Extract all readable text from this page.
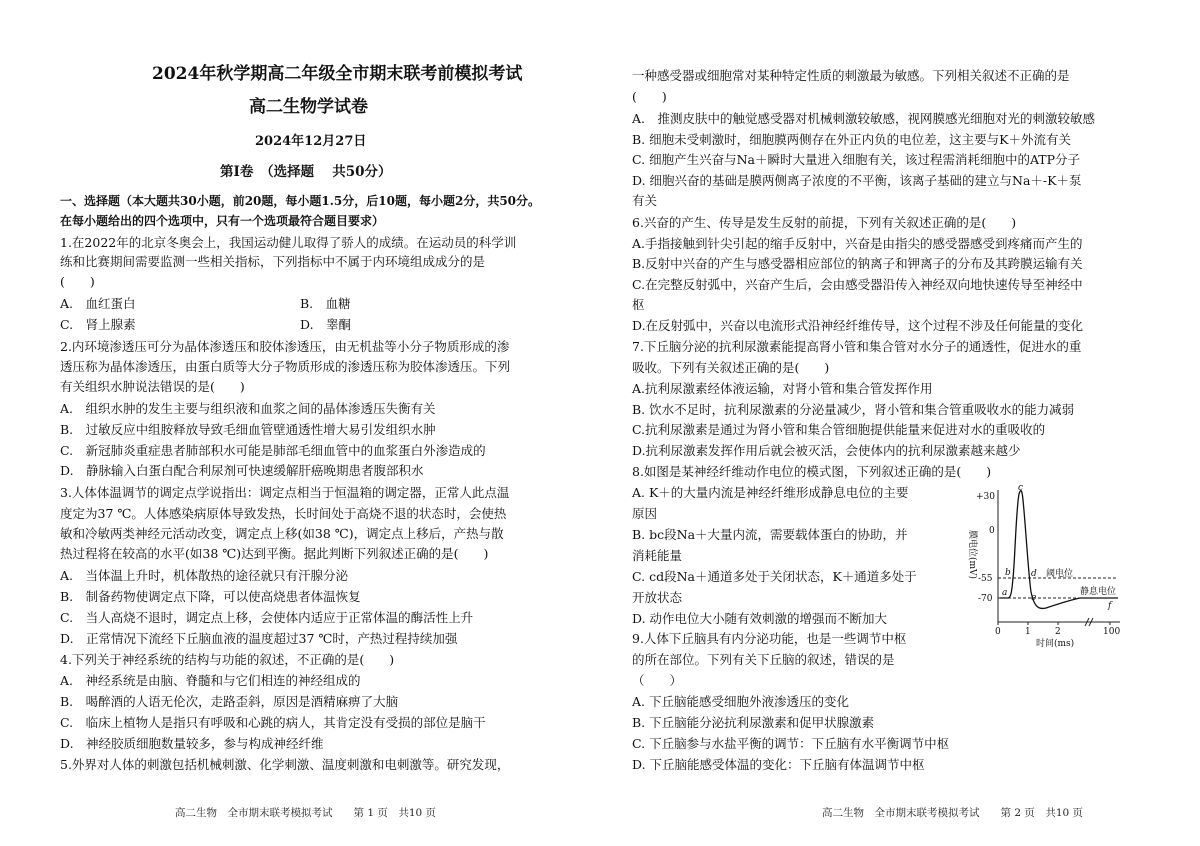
2024年秋学期高二年级全市期末联考前模拟考试
高二生物学试卷
2024年12月27日
第Ⅰ卷　（选择题　 共50分）
一、选择题（本大题共30小题，前20题，每小题1.5分，后10题，每小题2分，共50分。
在每小题给出的四个选项中，只有一个选项最符合题目要求）
1.在2022年的北京冬奥会上，我国运动健儿取得了骄人的成绩。在运动员的科学训
练和比赛期间需要监测一些相关指标，下列指标中不属于内环境组成成分的是
(　　)
A.　血红蛋白	B.　血糖
C.　肾上腺素	D.　睾酮
2.内环境渗透压可分为晶体渗透压和胶体渗透压，由无机盐等小分子物质形成的渗
透压称为晶体渗透压，由蛋白质等大分子物质形成的渗透压称为胶体渗透压。下列
有关组织水肿说法错误的是(　　)
A.　组织水肿的发生主要与组织液和血浆之间的晶体渗透压失衡有关
B.　过敏反应中组胺释放导致毛细血管壁通透性增大易引发组织水肿
C.　新冠肺炎重症患者肺部积水可能是肺部毛细血管中的血浆蛋白外渗造成的
D.　静脉输入白蛋白配合利尿剂可快速缓解肝癌晚期患者腹部积水
3.人体体温调节的调定点学说指出：调定点相当于恒温箱的调定器，正常人此点温
度定为37 ℃。人体感染病原体导致发热，长时间处于高烧不退的状态时，会使热
敏和冷敏两类神经元活动改变，调定点上移(如38 ℃)，调定点上移后，产热与散
热过程将在较高的水平(如38 ℃)达到平衡。据此判断下列叙述正确的是(　　)
A.　当体温上升时，机体散热的途径就只有汗腺分泌
B.　制备药物使调定点下降，可以使高烧患者体温恢复
C.　当人高烧不退时，调定点上移，会使体内适应于正常体温的酶活性上升
D.　正常情况下流经下丘脑血液的温度超过37 ℃时，产热过程持续加强
4.下列关于神经系统的结构与功能的叙述，不正确的是(　　)
A.　神经系统是由脑、脊髓和与它们相连的神经组成的
B.　喝醉酒的人语无伦次，走路歪斜，原因是酒精麻痹了大脑
C.　临床上植物人是指只有呼吸和心跳的病人，其肯定没有受损的部位是脑干
D.　神经胶质细胞数量较多，参与构成神经纤维
5.外界对人体的刺激包括机械刺激、化学刺激、温度刺激和电刺激等。研究发现，
高二生物　全市期末联考模拟考试　　第 1 页　共10 页
一种感受器或细胞常对某种特定性质的刺激最为敏感。下列相关叙述不正确的是
(　　)
A.　推测皮肤中的触觉感受器对机械刺激较敏感，视网膜感光细胞对光的刺激较敏感
B. 细胞未受刺激时，细胞膜两侧存在外正内负的电位差，这主要与K＋外流有关
C. 细胞产生兴奋与Na＋瞬时大量进入细胞有关，该过程需消耗细胞中的ATP分子
D. 细胞兴奋的基础是膜两侧离子浓度的不平衡，该离子基础的建立与Na＋-K＋泵
有关
6.兴奋的产生、传导是发生反射的前提，下列有关叙述正确的是(　　)
A.手指接触到针尖引起的缩手反射中，兴奋是由指尖的感受器感受到疼痛而产生的
B.反射中兴奋的产生与感受器相应部位的钠离子和钾离子的分布及其跨膜运输有关
C.在完整反射弧中，兴奋产生后，会由感受器沿传入神经双向地快速传导至神经中
枢
D.在反射弧中，兴奋以电流形式沿神经纤维传导，这个过程不涉及任何能量的变化
7.下丘脑分泌的抗利尿激素能提高肾小管和集合管对水分子的通透性，促进水的重
吸收。下列有关叙述正确的是(　　)
A.抗利尿激素经体液运输，对肾小管和集合管发挥作用
B. 饮水不足时，抗利尿激素的分泌量减少，肾小管和集合管重吸收水的能力减弱
C.抗利尿激素是通过为肾小管和集合管细胞提供能量来促进对水的重吸收的
D.抗利尿激素发挥作用后就会被灭活，会使体内的抗利尿激素越来越少
8.如图是某神经纤维动作电位的模式图，下列叙述正确的是(　　)
A. K＋的大量内流是神经纤维形成静息电位的主要
原因
B. bc段Na＋大量内流，需要载体蛋白的协助，并
消耗能量
C. cd段Na＋通道多处于关闭状态，K＋通道多处于
开放状态
D. 动作电位大小随有效刺激的增强而不断加大
9.人体下丘脑具有内分泌功能，也是一些调节中枢
的所在部位。下列有关下丘脑的叙述，错误的是
（　　）
A. 下丘脑能感受细胞外液渗透压的变化
B. 下丘脑能分泌抗利尿激素和促甲状腺激素
C. 下丘脑参与水盐平衡的调节：下丘脑有水平衡调节中枢
D. 下丘脑能感受体温的变化：下丘脑有体温调节中枢
高二生物　全市期末联考模拟考试　　第 2 页　共10 页
+30
0
-55
-70
0	1	2	100
时间(ms)
a
b
c
d
e
f
阈电位
静息电位
膜电位(mV)
